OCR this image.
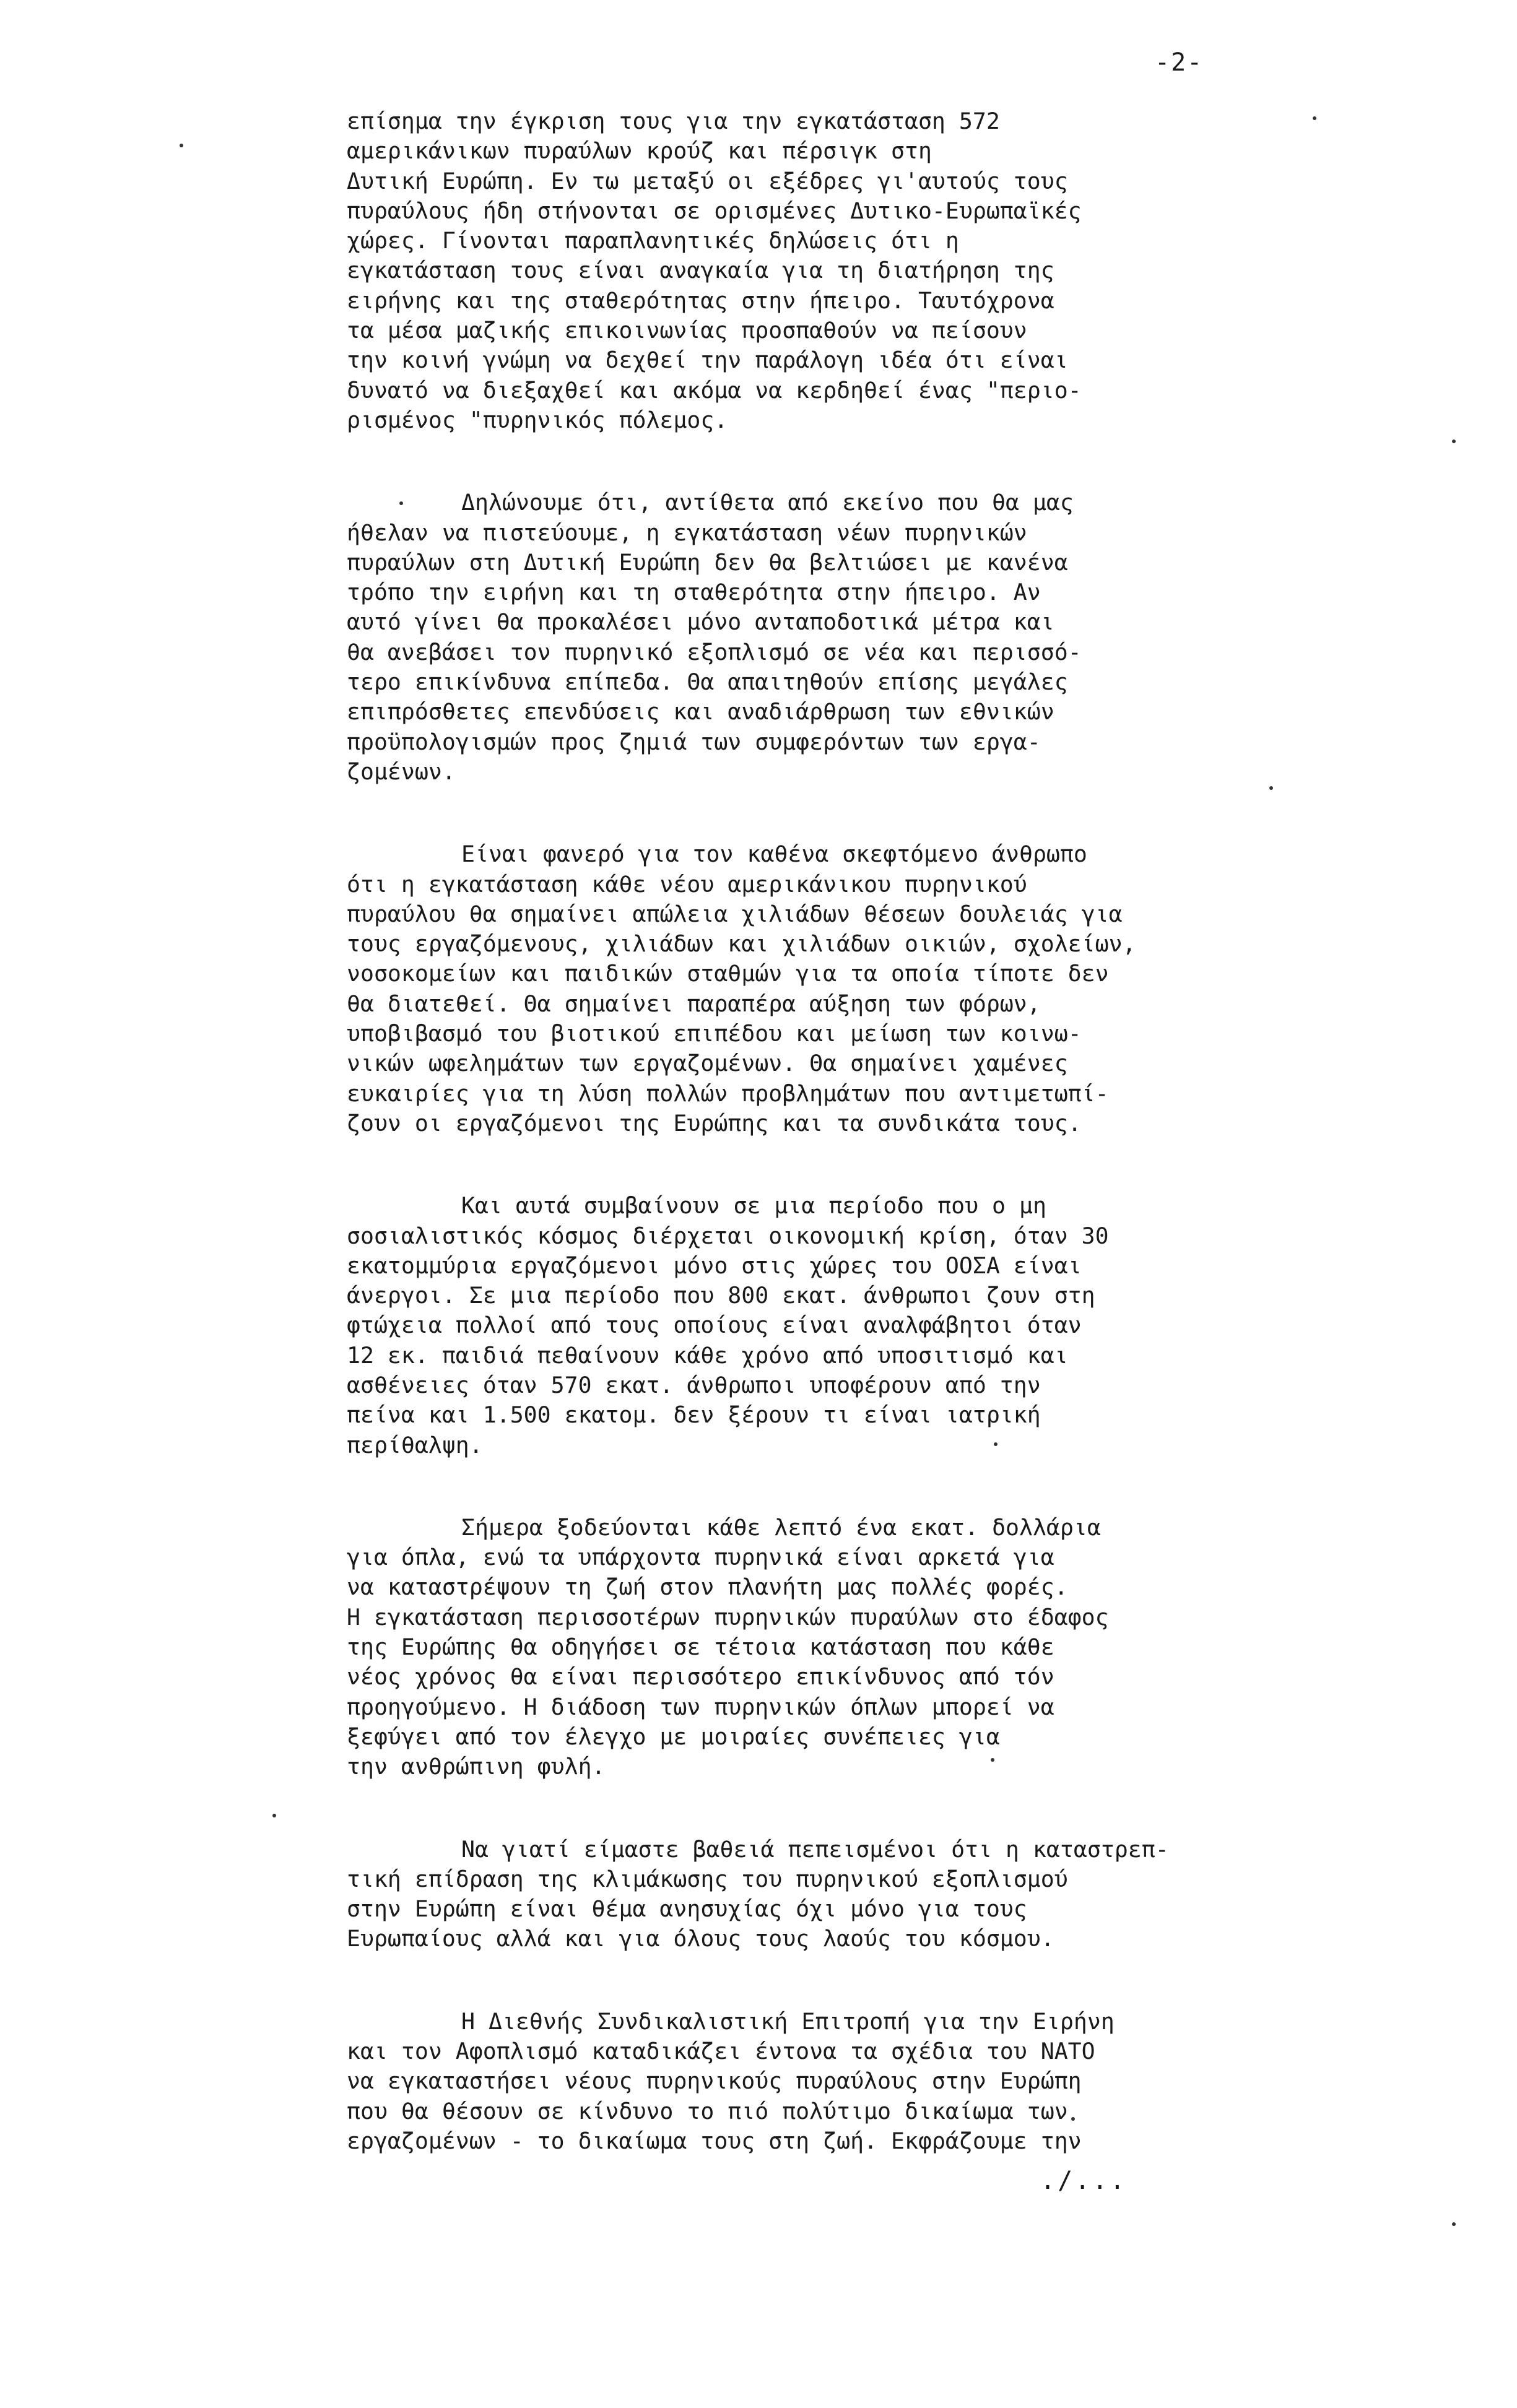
-2-
επίσημα την έγκριση τους για την εγκατάσταση 572
αμερικάνικων πυραύλων κρούζ και πέρσιγκ στη
Δυτική Ευρώπη. Εν τω μεταξύ οι εξέδρες γι'αυτούς τους
πυραύλους ήδη στήνονται σε ορισμένες Δυτικο-Ευρωπαϊκές
χώρες. Γίνονται παραπλανητικές δηλώσεις ότι η
εγκατάσταση τους είναι αναγκαία για τη διατήρηση της
ειρήνης και της σταθερότητας στην ήπειρο. Ταυτόχρονα
τα μέσα μαζικής επικοινωνίας προσπαθούν να πείσουν
την κοινή γνώμη να δεχθεί την παράλογη ιδέα ότι είναι
δυνατό να διεξαχθεί και ακόμα να κερδηθεί ένας "περιο-
ρισμένος "πυρηνικός πόλεμος.
Δηλώνουμε ότι, αντίθετα από εκείνο που θα μας
ήθελαν να πιστεύουμε, η εγκατάσταση νέων πυρηνικών
πυραύλων στη Δυτική Ευρώπη δεν θα βελτιώσει με κανένα
τρόπο την ειρήνη και τη σταθερότητα στην ήπειρο. Αν
αυτό γίνει θα προκαλέσει μόνο ανταποδοτικά μέτρα και
θα ανεβάσει τον πυρηνικό εξοπλισμό σε νέα και περισσό-
τερο επικίνδυνα επίπεδα. Θα απαιτηθούν επίσης μεγάλες
επιπρόσθετες επενδύσεις και αναδιάρθρωση των εθνικών
προϋπολογισμών προς ζημιά των συμφερόντων των εργα-
ζομένων.
Είναι φανερό για τον καθένα σκεφτόμενο άνθρωπο
ότι η εγκατάσταση κάθε νέου αμερικάνικου πυρηνικού
πυραύλου θα σημαίνει απώλεια χιλιάδων θέσεων δουλειάς για
τους εργαζόμενους, χιλιάδων και χιλιάδων οικιών, σχολείων,
νοσοκομείων και παιδικών σταθμών για τα οποία τίποτε δεν
θα διατεθεί. Θα σημαίνει παραπέρα αύξηση των φόρων,
υποβιβασμό του βιοτικού επιπέδου και μείωση των κοινω-
νικών ωφελημάτων των εργαζομένων. Θα σημαίνει χαμένες
ευκαιρίες για τη λύση πολλών προβλημάτων που αντιμετωπί-
ζουν οι εργαζόμενοι της Ευρώπης και τα συνδικάτα τους.
Και αυτά συμβαίνουν σε μια περίοδο που ο μη
σοσιαλιστικός κόσμος διέρχεται οικονομική κρίση, όταν 30
εκατομμύρια εργαζόμενοι μόνο στις χώρες του ΟΟΣΑ είναι
άνεργοι. Σε μια περίοδο που 800 εκατ. άνθρωποι ζουν στη
φτώχεια πολλοί από τους οποίους είναι αναλφάβητοι όταν
12 εκ. παιδιά πεθαίνουν κάθε χρόνο από υποσιτισμό και
ασθένειες όταν 570 εκατ. άνθρωποι υποφέρουν από την
πείνα και 1.500 εκατομ. δεν ξέρουν τι είναι ιατρική
περίθαλψη.
Σήμερα ξοδεύονται κάθε λεπτό ένα εκατ. δολλάρια
για όπλα, ενώ τα υπάρχοντα πυρηνικά είναι αρκετά για
να καταστρέψουν τη ζωή στον πλανήτη μας πολλές φορές.
Η εγκατάσταση περισσοτέρων πυρηνικών πυραύλων στο έδαφος
της Ευρώπης θα οδηγήσει σε τέτοια κατάσταση που κάθε
νέος χρόνος θα είναι περισσότερο επικίνδυνος από τόν
προηγούμενο. Η διάδοση των πυρηνικών όπλων μπορεί να
ξεφύγει από τον έλεγχο με μοιραίες συνέπειες για
την ανθρώπινη φυλή.
Να γιατί είμαστε βαθειά πεπεισμένοι ότι η καταστρεπ-
τική επίδραση της κλιμάκωσης του πυρηνικού εξοπλισμού
στην Ευρώπη είναι θέμα ανησυχίας όχι μόνο για τους
Ευρωπαίους αλλά και για όλους τους λαούς του κόσμου.
Η Διεθνής Συνδικαλιστική Επιτροπή για την Ειρήνη
και τον Αφοπλισμό καταδικάζει έντονα τα σχέδια του ΝΑΤΟ
να εγκαταστήσει νέους πυρηνικούς πυραύλους στην Ευρώπη
που θα θέσουν σε κίνδυνο το πιό πολύτιμο δικαίωμα των
εργαζομένων - το δικαίωμα τους στη ζωή. Εκφράζουμε την
./...
